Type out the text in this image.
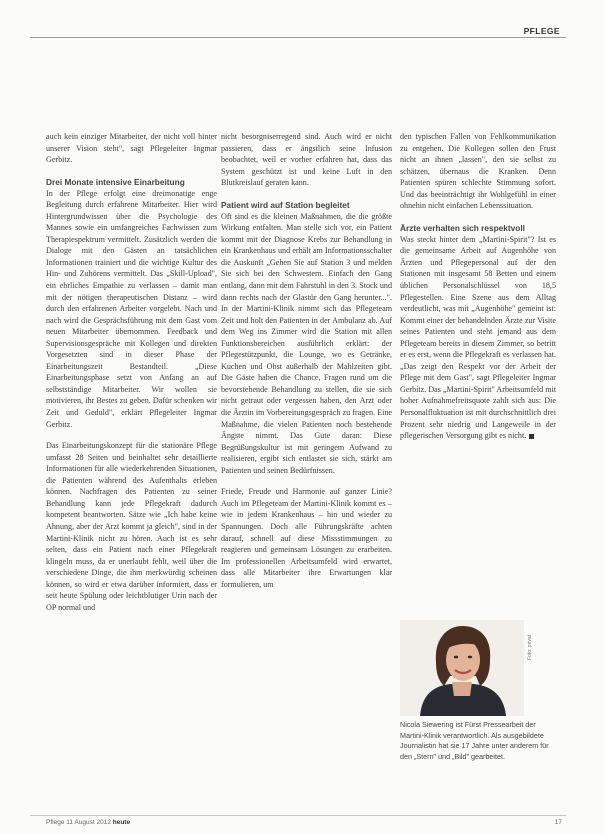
PFLEGE

auch kein einziger Mitarbeiter, der nicht voll hinter unserer Vision steht", sagt Pflegeleiter Ingmar Gerbitz.

Drei Monate intensive Einarbeitung

In der Pflege erfolgt eine dreimonatige enge Begleitung durch erfahrene Mitarbeiter. Hier wird Hintergrundwissen über die Psychologie des Mannes sowie ein umfangreiches Fachwissen zum Therapiespektrum vermittelt. Zusätzlich werden die Dialoge mit den Gästen an tatsächlichen Informationen trainiert und die wichtige Kultur des Hin- und Zuhörens vermittelt. Das „Skill-Upload", ein ehrliches Empathie zu verlassen – damit man mit der nötigen therapeutischen Distanz – wird durch den erfahrenen Arbeiter vorgelebt. Nach und nach wird die Gesprächsführung mit dem Gast vom neuen Mitarbeiter übernommen. Feedback und Supervisionsgespräche mit Kollegen und direkten Vorgesetzten sind in dieser Phase der Einarbeitungszeit Bestandteil. „Diese Einarbeitungsphase setzt von Anfang an auf selbstständige Mitarbeiter. Wir wollen sie motivieren, ihr Bestes zu geben. Dafür schenken wir Zeit und Geduld", erklärt Pflegeleiter Ingmar Gerbitz.

Das Einarbeitungskonzept für die stationäre Pflege umfasst 28 Seiten und beinhaltet sehr detaillierte Informationen für alle wiederkehrenden Situationen, die Patienten während des Aufenthalts erleben können. Nachfragen des Patienten zu seiner Behandlung kann jede Pflegekraft dadurch kompetent beantworten. Sätze wie „Ich habe keine Ahnung, aber der Arzt kommt ja gleich", sind in der Martini-Klinik nicht zu hören. Auch ist es sehr selten, dass ein Patient nach einer Pflegekraft klingeln muss, da er unerlaubt fehlt, weil über die verschiedene Dinge, die ihm merkwürdig scheinen können, so wird er etwa darüber informiert, dass er seit heute Spülung oder leichtblutiger Urin nach der OP normal und

nicht besorgniserregend sind. Auch wird er nicht passieren, dass er ängstlich seine Infusion beobachtet, weil er vorher erfahren hat, dass das System geschützt ist und keine Luft in den Blutkreislauf geraten kann.

Patient wird auf Station begleitet

Oft sind es die kleinen Maßnahmen, die die größte Wirkung entfalten. Man stelle sich vor, ein Patient kommt mit der Diagnose Krebs zur Behandlung in ein Krankenhaus und erhält am Informationsschalter die Auskunft „Gehen Sie auf Station 3 und melden Sie sich bei den Schwestern. Einfach den Gang entlang, dann mit dem Fahrstuhl in den 3. Stock und dann rechts nach der Glastür den Gang herunter...". In der Martini-Klinik nimmt sich das Pflegeteam Zeit und holt den Patienten in der Ambulanz ab. Auf dem Weg ins Zimmer wird die Station mit allen Funktionsbereichen ausführlich erklärt: der Pflegestützpunkt, die Lounge, wo es Getränke, Kuchen und Obst außerhalb der Mahlzeiten gibt. Die Gäste haben die Chance, Fragen rund um die bevorstehende Behandlung zu stellen, die sie sich nicht getraut oder vergessen haben, den Arzt oder die Ärztin im Vorbereitungsgespräch zu fragen. Eine Maßnahme, die vielen Patienten noch bestehende Ängste nimmt. Das Gute daran: Diese Begrüßungskultur ist mit geringem Aufwand zu realisieren, ergibt sich entlastet sie sich, stärkt am Patienten und seinen Bedürfnissen.

Friede, Freude und Harmonie auf ganzer Linie? Auch im Pflegeteam der Martini-Klinik kommt es – wie in jedem Krankenhaus – hin und wieder zu Spannungen. Doch alle Führungskräfte achten darauf, schnell auf diese Missstimmungen zu reagieren und gemeinsam Lösungen zu erarbeiten. Im professionellen Arbeitsumfeld wird erwartet, dass alle Mitarbeiter ihre Erwartungen klar formulieren, um

den typischen Fallen von Fehlkommunikation zu entgehen. Die Kollegen sollen den Frust nicht an ihnen „lassen", den sie selbst zu schätzen, übernaus die Kranken. Denn Patienten spüren schlechte Stimmung sofort. Und das beeinträchtigt ihr Wohlgefühl in einer ohnehin nicht einfachen Lebenssituation.

Ärzte verhalten sich respektvoll

Was steckt hinter dem „Martini-Spirit"? Ist es die gemeinsame Arbeit auf Augenhöhe von Ärzten und Pflegepersonal auf der den Stationen mit insgesamt 58 Betten und einem üblichen Personalschlüssel von 18,5 Pflegestellen. Eine Szene aus dem Alltag verdeutlicht, was mit „Augenhöhe" gemeint ist: Kommt einer der behandelnden Ärzte zur Visite seines Patienten und steht jemand aus dem Pflegeteam bereits in diesem Zimmer, so betritt er es erst, wenn die Pflegekraft es verlassen hat. „Das zeigt den Respekt vor der Arbeit der Pflege mit dem Gast", sagt Pflegeleiter Ingmar Gerbitz. Das „Martini-Spirit" Arbeitsumfeld mit hoher Aufnahmefreitsquote zahlt sich aus: Die Personalfluktuation ist mit durchschnittlich drei Prozent sehr niedrig und Langeweile in der pflegerischen Versorgung gibt es nicht.

Foto: privat
Nicola Siewering ist Fürst Pressearbeit der Martini-Klinik verantwortlich. Als ausgebildete Journalistin hat sie 17 Jahre unter anderem für den „Stern" und „Bild" gearbeitet.
Pflege 11 August 2012 heute	17
